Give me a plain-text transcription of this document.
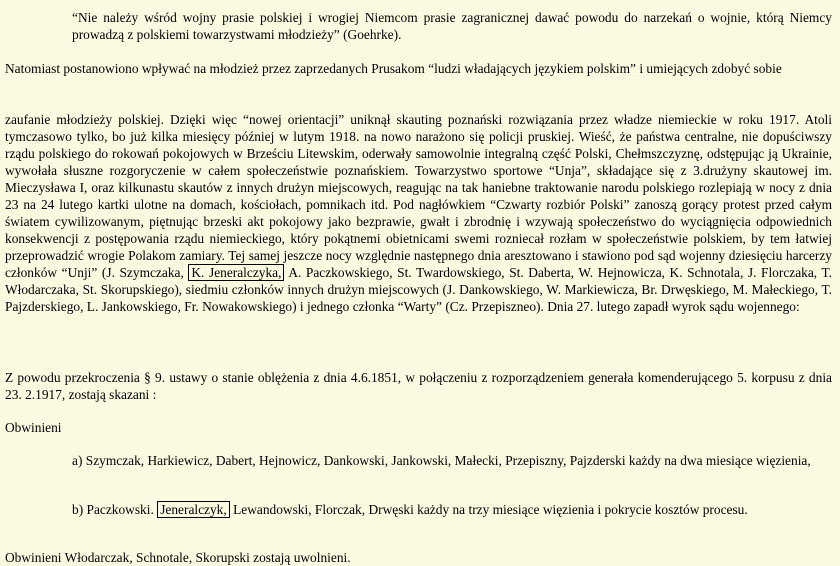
“Nie należy wśród wojny prasie polskiej i wrogiej Niemcom prasie zagranicznej dawać powodu do narzekań o wojnie, którą Niemcy prowadzą z polskiemi towarzystwami młodzieży” (Goehrke).

Natomiast postanowiono wpływać na młodzież przez zaprzedanych Prusakom “ludzi władających językiem polskim” i umiejących zdobyć sobie

zaufanie młodzieży polskiej. Dzięki więc “nowej orientacji” uniknął skauting poznański rozwiązania przez władze niemieckie w roku 1917. Atoli tymczasowo tylko, bo już kilka miesięcy później w lutym 1918. na nowo narażono się policji pruskiej. Wieść, że państwa centralne, nie dopuściwszy rządu polskiego do rokowań pokojowych w Brześciu Litewskim, oderwały samowolnie integralną część Polski, Chełmszczyznę, odstępując ją Ukrainie, wywołała słuszne rozgoryczenie w całem społeczeństwie poznańskiem. Towarzystwo sportowe “Unja”, składające się z 3.drużyny skautowej im. Mieczysława I, oraz kilkunastu skautów z innych drużyn miejscowych, reagując na tak haniebne traktowanie narodu polskiego rozlepiają w nocy z dnia 23 na 24 lutego kartki ulotne na domach, kościołach, pomnikach itd. Pod nagłówkiem “Czwarty rozbiór Polski” zanoszą gorący protest przed całym światem cywilizowanym, piętnując brzeski akt pokojowy jako bezprawie, gwałt i zbrodnię i wzywają społeczeństwo do wyciągnięcia odpowiednich konsekwencji z postępowania rządu niemieckiego, który pokątnemi obietnicami swemi rozniecał rozłam w społeczeństwie polskiem, by tem łatwiej przeprowadzić wrogie Polakom zamiary. Tej samej jeszcze nocy względnie następnego dnia aresztowano i stawiono pod sąd wojenny dziesięciu harcerzy członków “Unji” (J. Szymczaka, K. Jeneralczyka, A. Paczkowskiego, St. Twardowskiego, St. Daberta, W. Hejnowicza, K. Schnotala, J. Florczaka, T. Włodarczaka, St. Skorupskiego), siedmiu członków innych drużyn miejscowych (J. Dankowskiego, W. Markiewicza, Br. Drwęskiego, M. Małeckiego, T. Pajzderskiego, L. Jankowskiego, Fr. Nowakowskiego) i jednego członka “Warty” (Cz. Przepiszneo). Dnia 27. lutego zapadł wyrok sądu wojennego:

Z powodu przekroczenia § 9. ustawy o stanie oblężenia z dnia 4.6.1851, w połączeniu z rozporządzeniem generała komenderującego 5. korpusu z dnia 23. 2.1917, zostają skazani :

Obwinieni

a) Szymczak, Harkiewicz, Dabert, Hejnowicz, Dankowski, Jankowski, Małecki, Przepiszny, Pajzderski każdy na dwa miesiące więzienia,

b) Paczkowski. Jeneralczyk, Lewandowski, Florczak, Drwęski każdy na trzy miesiące więzienia i pokrycie kosztów procesu.

Obwinieni Włodarczak, Schnotale, Skorupski zostają uwolnieni.
